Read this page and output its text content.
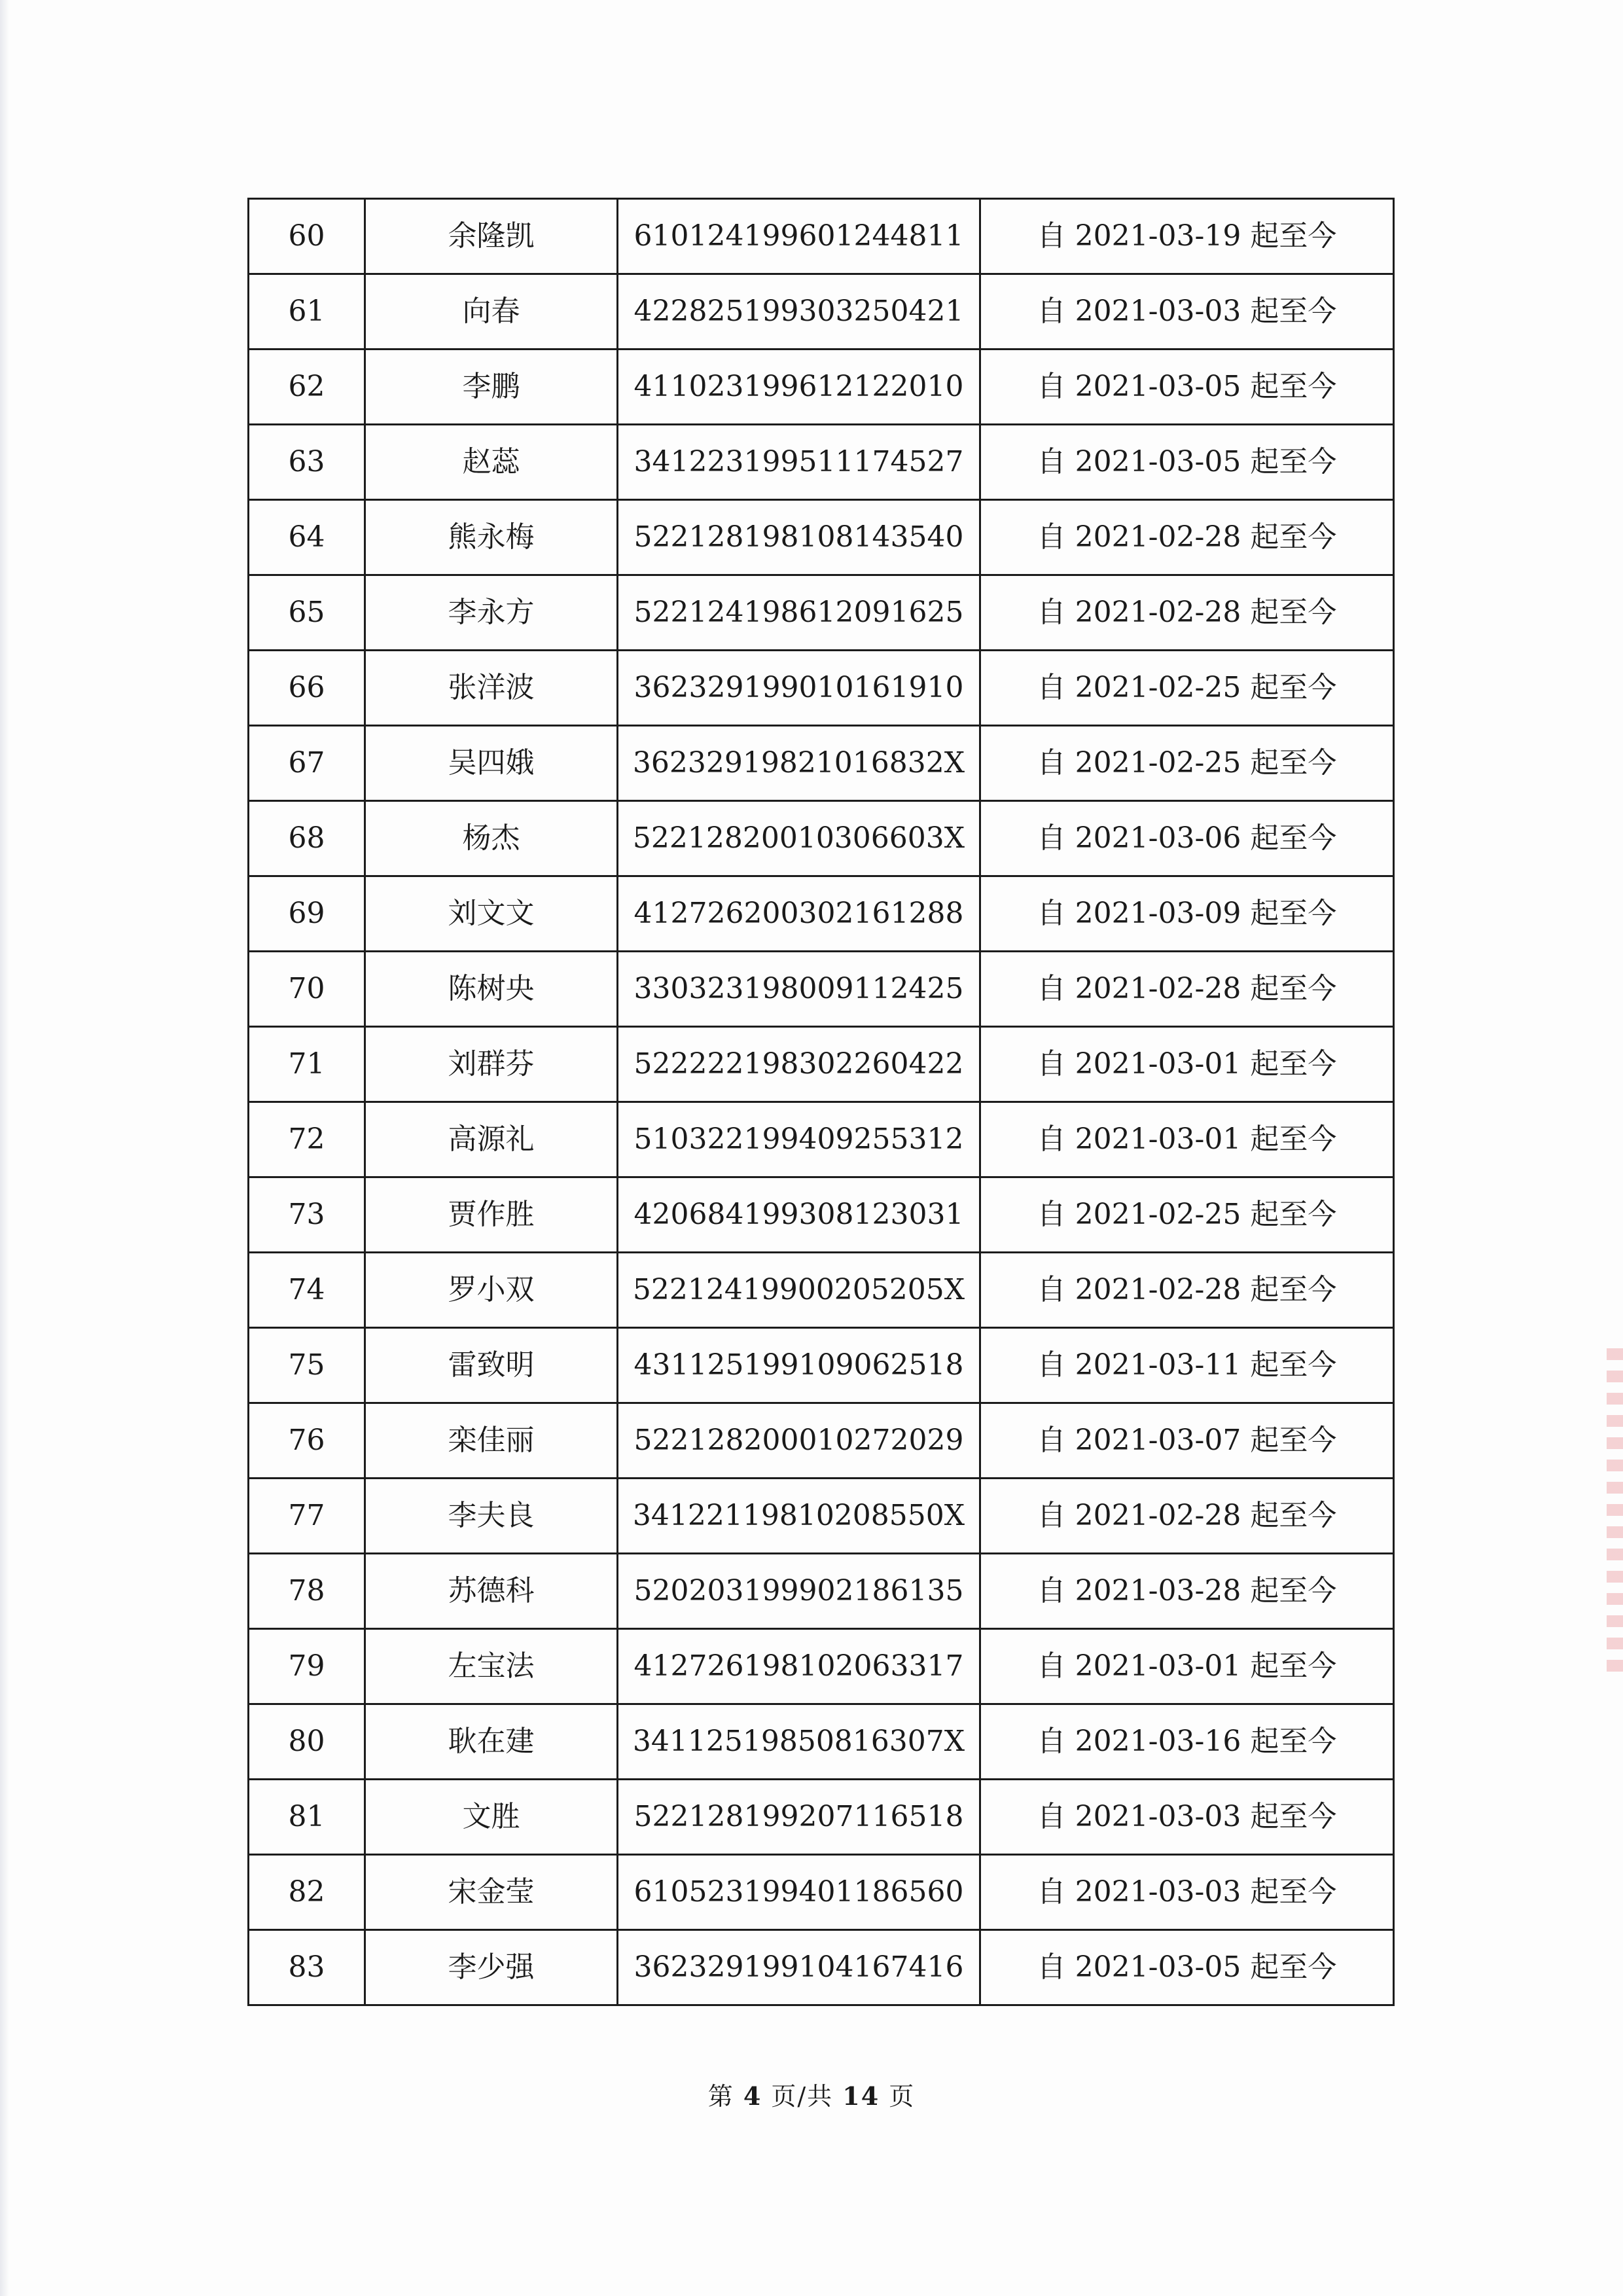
60	余隆凯	610124199601244811	自 2021-03-19 起至今
61	向春	422825199303250421	自 2021-03-03 起至今
62	李鹏	411023199612122010	自 2021-03-05 起至今
63	赵蕊	341223199511174527	自 2021-03-05 起至今
64	熊永梅	522128198108143540	自 2021-02-28 起至今
65	李永方	522124198612091625	自 2021-02-28 起至今
66	张洋波	362329199010161910	自 2021-02-25 起至今
67	吴四娥	36232919821016832X	自 2021-02-25 起至今
68	杨杰	52212820010306603X	自 2021-03-06 起至今
69	刘文文	412726200302161288	自 2021-03-09 起至今
70	陈树央	330323198009112425	自 2021-02-28 起至今
71	刘群芬	522222198302260422	自 2021-03-01 起至今
72	高源礼	510322199409255312	自 2021-03-01 起至今
73	贾作胜	420684199308123031	自 2021-02-25 起至今
74	罗小双	52212419900205205X	自 2021-02-28 起至今
75	雷致明	431125199109062518	自 2021-03-11 起至今
76	栾佳丽	522128200010272029	自 2021-03-07 起至今
77	李夫良	34122119810208550X	自 2021-02-28 起至今
78	苏德科	520203199902186135	自 2021-03-28 起至今
79	左宝法	412726198102063317	自 2021-03-01 起至今
80	耿在建	34112519850816307X	自 2021-03-16 起至今
81	文胜	522128199207116518	自 2021-03-03 起至今
82	宋金莹	610523199401186560	自 2021-03-03 起至今
83	李少强	362329199104167416	自 2021-03-05 起至今
第 4 页/共 14 页
